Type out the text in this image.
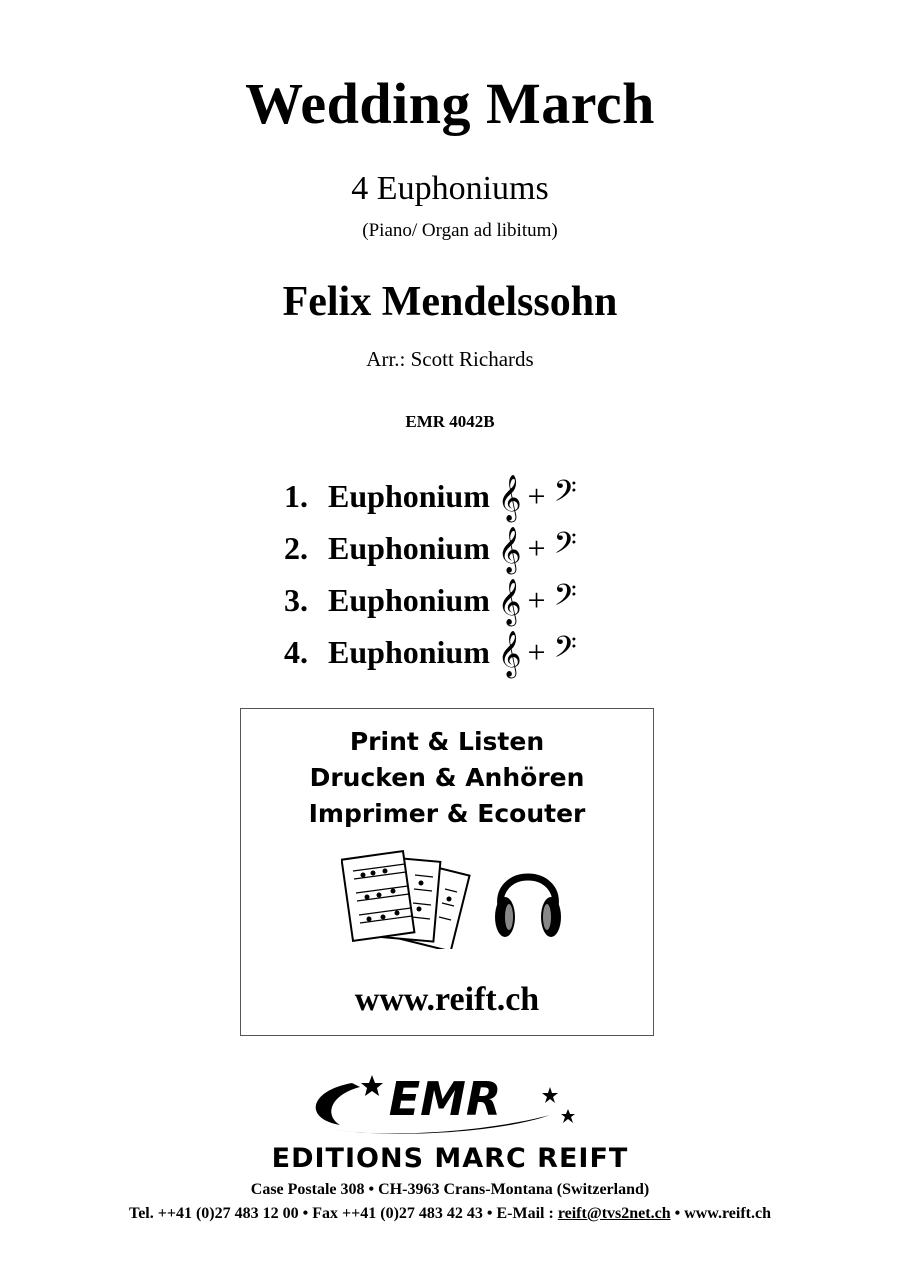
Wedding March
4 Euphoniums
(Piano/ Organ ad libitum)
Felix Mendelssohn
Arr.: Scott Richards
EMR 4042B
1. Euphonium 𝄞 + 𝄢
2. Euphonium 𝄞 + 𝄢
3. Euphonium 𝄞 + 𝄢
4. Euphonium 𝄞 + 𝄢
Print & Listen
Drucken & Anhören
Imprimer & Ecouter
www.reift.ch
EMR
EDITIONS MARC REIFT
Case Postale 308 • CH-3963 Crans-Montana (Switzerland)
Tel. ++41 (0)27 483 12 00 • Fax ++41 (0)27 483 42 43 • E-Mail : reift@tvs2net.ch • www.reift.ch
